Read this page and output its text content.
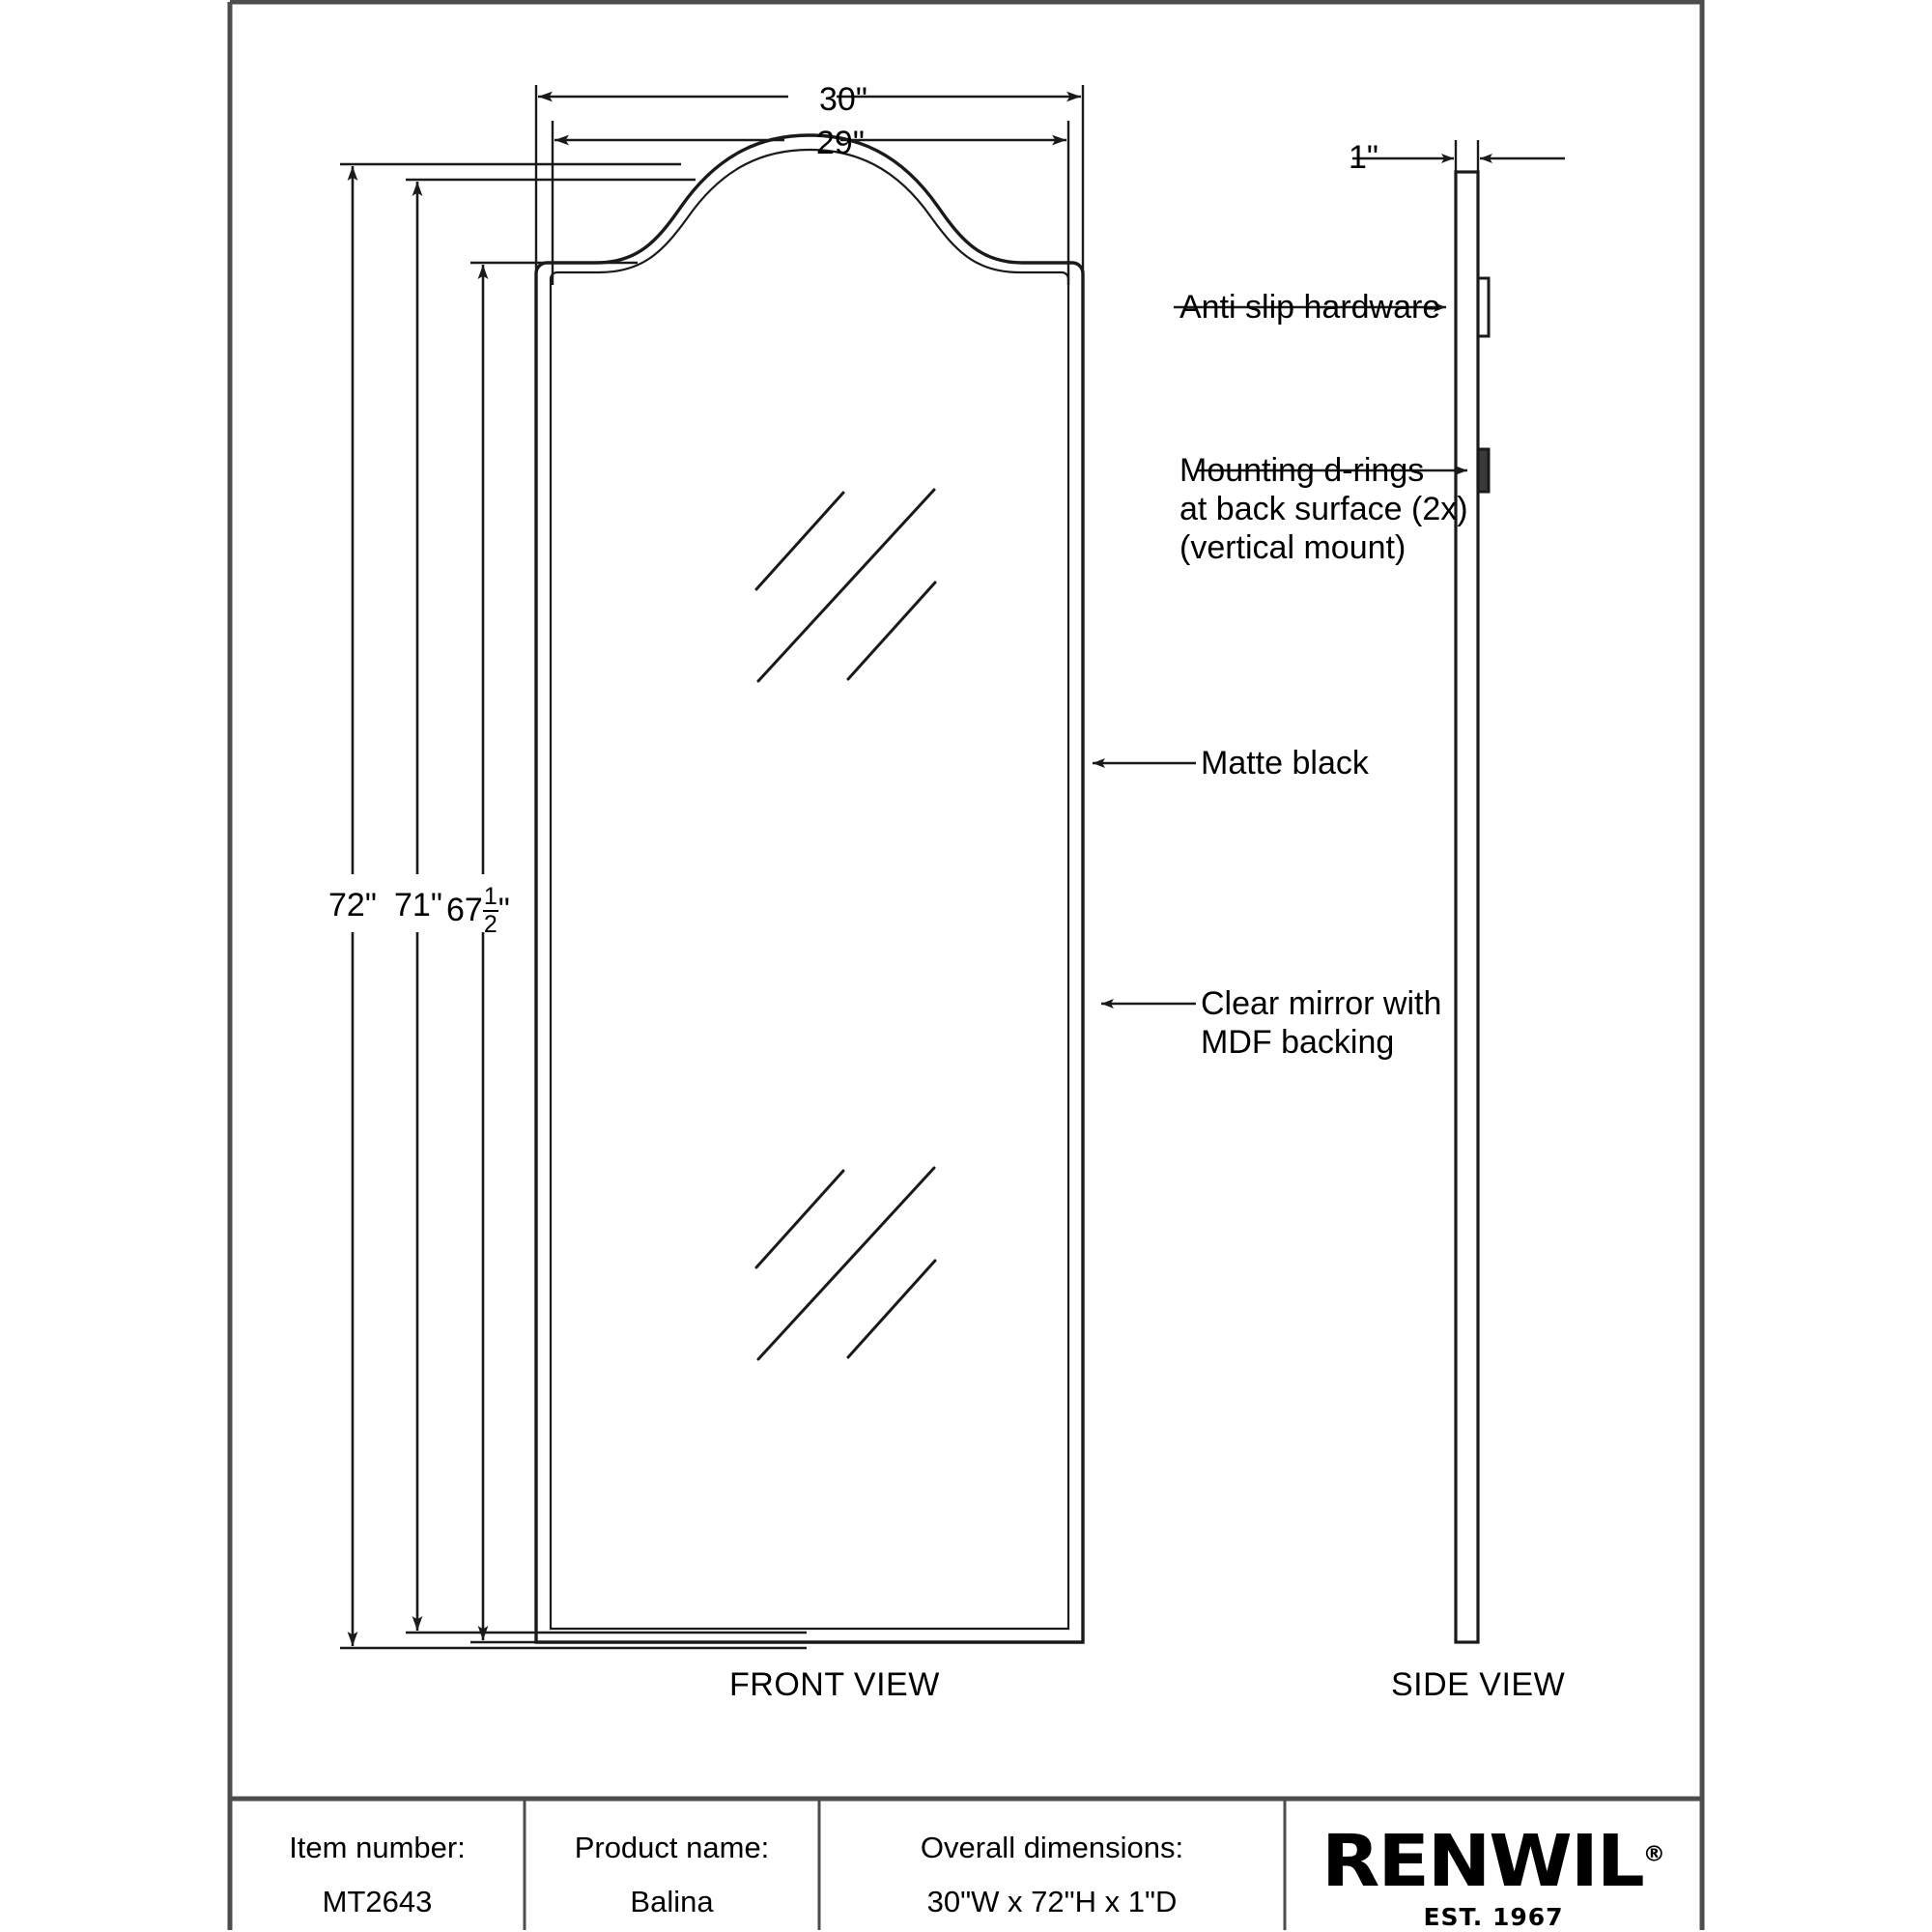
30"
29"
72" 71" $67 \frac{1}{2}$ "
1"
Anti slip hardware
Mounting d-rings
at back surface (2x)
(vertical mount)
Matte black
Clear mirror with
MDF backing
FRONT VIEW	SIDE VIEW
Item number:
MT2643
Product name:
Balina
Overall dimensions:
30"W x 72"H x 1"D	RENWIL®
EST. 1967
